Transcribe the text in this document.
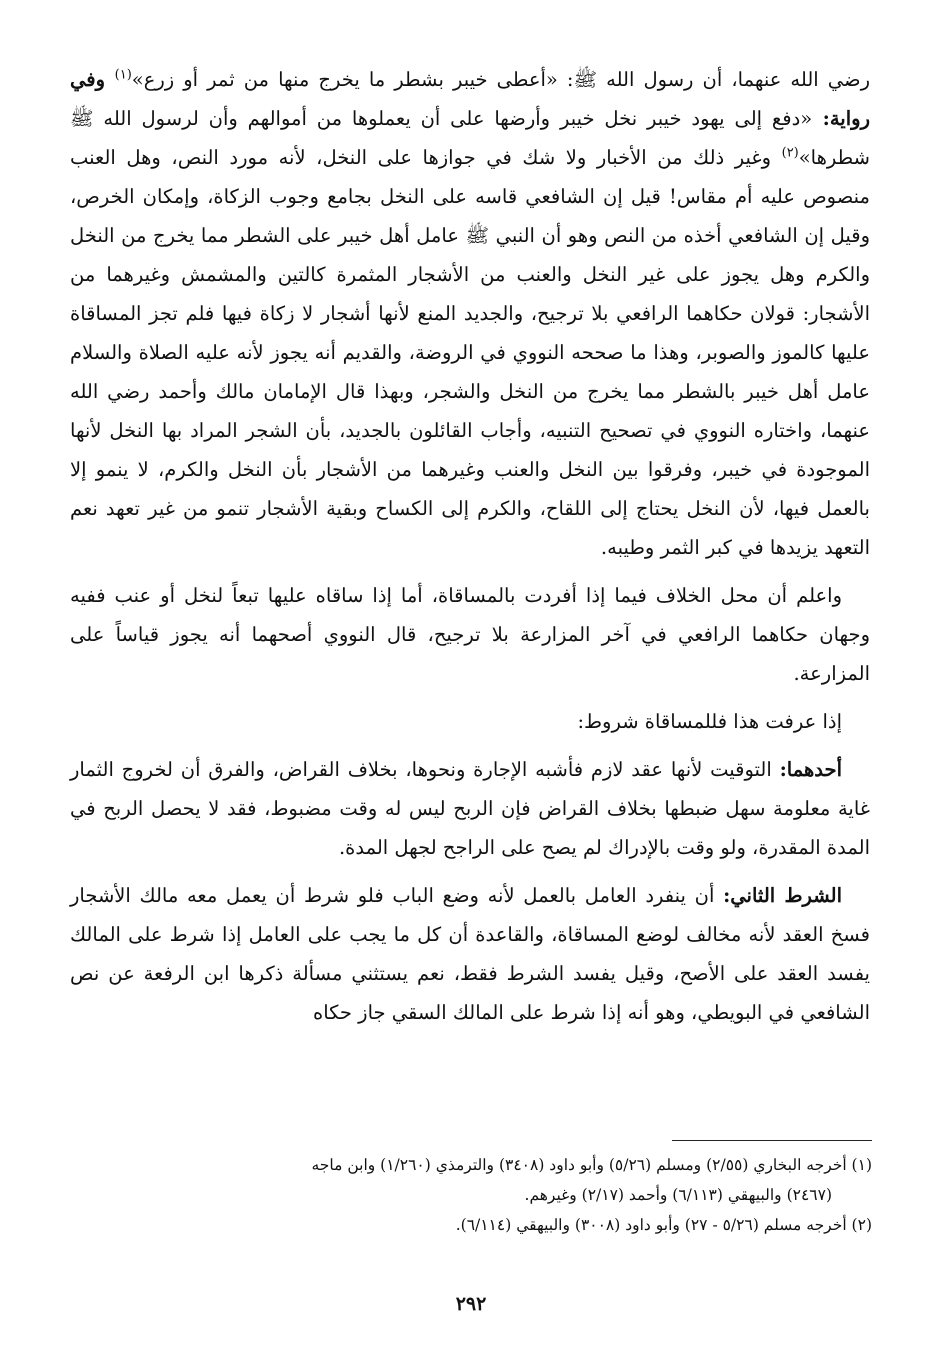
رضي الله عنهما، أن رسول الله ﷺ: «أعطى خيبر بشطر ما يخرج منها من ثمر أو زرع»$^{(١)}$ وفي رواية: «دفع إلى يهود خيبر نخل خيبر وأرضها على أن يعملوها من أموالهم وأن لرسول الله ﷺ شطرها»$^{(٢)}$ وغير ذلك من الأخبار ولا شك في جوازها على النخل، لأنه مورد النص، وهل العنب منصوص عليه أم مقاس! قيل إن الشافعي قاسه على النخل بجامع وجوب الزكاة، وإمكان الخرص، وقيل إن الشافعي أخذه من النص وهو أن النبي ﷺ عامل أهل خيبر على الشطر مما يخرج من النخل والكرم وهل يجوز على غير النخل والعنب من الأشجار المثمرة كالتين والمشمش وغيرهما من الأشجار: قولان حكاهما الرافعي بلا ترجيح، والجديد المنع لأنها أشجار لا زكاة فيها فلم تجز المساقاة عليها كالموز والصوبر، وهذا ما صححه النووي في الروضة، والقديم أنه يجوز لأنه عليه الصلاة والسلام عامل أهل خيبر بالشطر مما يخرج من النخل والشجر، وبهذا قال الإمامان مالك وأحمد رضي الله عنهما، واختاره النووي في تصحيح التنبيه، وأجاب القائلون بالجديد، بأن الشجر المراد بها النخل لأنها الموجودة في خيبر، وفرقوا بين النخل والعنب وغيرهما من الأشجار بأن النخل والكرم، لا ينمو إلا بالعمل فيها، لأن النخل يحتاج إلى اللقاح، والكرم إلى الكساح وبقية الأشجار تنمو من غير تعهد نعم التعهد يزيدها في كبر الثمر وطيبه.

واعلم أن محل الخلاف فيما إذا أفردت بالمساقاة، أما إذا ساقاه عليها تبعاً لنخل أو عنب ففيه وجهان حكاهما الرافعي في آخر المزارعة بلا ترجيح، قال النووي أصحهما أنه يجوز قياساً على المزارعة.

إذا عرفت هذا فللمساقاة شروط:

أحدهما: التوقيت لأنها عقد لازم فأشبه الإجارة ونحوها، بخلاف القراض، والفرق أن لخروج الثمار غاية معلومة سهل ضبطها بخلاف القراض فإن الربح ليس له وقت مضبوط، فقد لا يحصل الربح في المدة المقدرة، ولو وقت بالإدراك لم يصح على الراجح لجهل المدة.

الشرط الثاني: أن ينفرد العامل بالعمل لأنه وضع الباب فلو شرط أن يعمل معه مالك الأشجار فسخ العقد لأنه مخالف لوضع المساقاة، والقاعدة أن كل ما يجب على العامل إذا شرط على المالك يفسد العقد على الأصح، وقيل يفسد الشرط فقط، نعم يستثني مسألة ذكرها ابن الرفعة عن نص الشافعي في البويطي، وهو أنه إذا شرط على المالك السقي جاز حكاه

(١) أخرجه البخاري (٢/٥٥) ومسلم (٥/٢٦) وأبو داود (٣٤٠٨) والترمذي (١/٢٦٠) وابن ماجه

(٢٤٦٧) والبيهقي (٦/١١٣) وأحمد (٢/١٧) وغيرهم.

(٢) أخرجه مسلم (٥/٢٦ - ٢٧) وأبو داود (٣٠٠٨) والبيهقي (٦/١١٤).

٢٩٢
